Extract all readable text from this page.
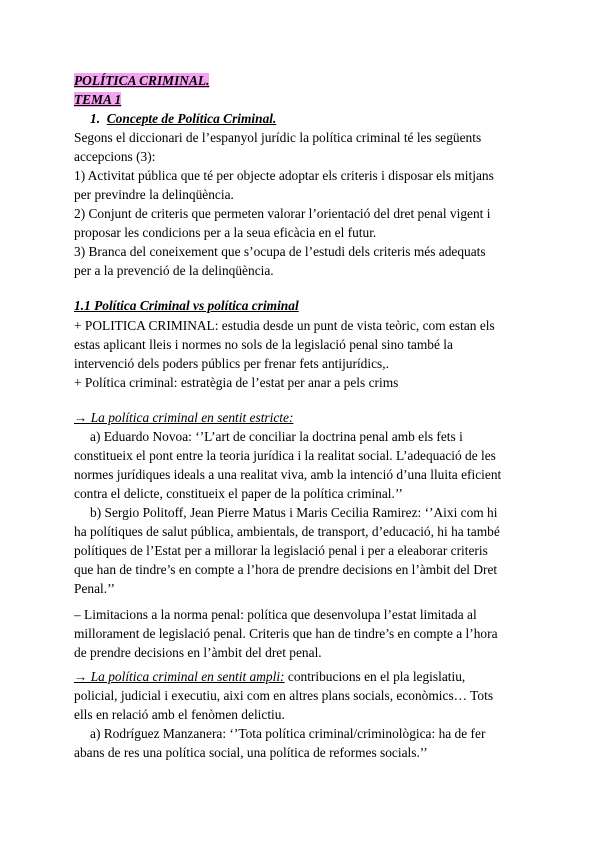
POLÍTICA CRIMINAL.
TEMA 1
1. Concepte de Política Criminal.
Segons el diccionari de l’espanyol jurídic la política criminal té les següents
accepcions (3):
1) Activitat pública que té per objecte adoptar els criteris i disposar els mitjans
per previndre la delinqüència.
2) Conjunt de criteris que permeten valorar l’orientació del dret penal vigent i
proposar les condicions per a la seua eficàcia en el futur.
3) Branca del coneixement que s’ocupa de l’estudi dels criteris més adequats
per a la prevenció de la delinqüència.
1.1 Política Criminal vs política criminal
+ POLITICA CRIMINAL: estudia desde un punt de vista teòric, com estan els
estas aplicant lleis i normes no sols de la legislació penal sino també la
intervenció dels poders públics per frenar fets antijurídics,.
+ Política criminal: estratègia de l’estat per anar a pels crims
→ La política criminal en sentit estricte:
a) Eduardo Novoa: ‘’L’art de conciliar la doctrina penal amb els fets i
constitueix el pont entre la teoria jurídica i la realitat social. L’adequació de les
normes jurídiques ideals a una realitat viva, amb la intenció d’una lluita eficient
contra el delicte, constitueix el paper de la política criminal.’’
b) Sergio Politoff, Jean Pierre Matus i Maris Cecilia Ramirez: ‘’Aixi com hi
ha polítiques de salut pública, ambientals, de transport, d’educació, hi ha també
polítiques de l’Estat per a millorar la legislació penal i per a eleaborar criteris
que han de tindre’s en compte a l’hora de prendre decisions en l’àmbit del Dret
Penal.’’
– Limitacions a la norma penal: política que desenvolupa l’estat limitada al
millorament de legislació penal. Criteris que han de tindre’s en compte a l’hora
de prendre decisions en l’àmbit del dret penal.
→ La política criminal en sentit ampli: contribucions en el pla legislatiu,
policial, judicial i executiu, aixi com en altres plans socials, econòmics… Tots
ells en relació amb el fenòmen delictiu.
a) Rodríguez Manzanera: ‘’Tota política criminal/criminològica: ha de fer
abans de res una política social, una política de reformes socials.’’
